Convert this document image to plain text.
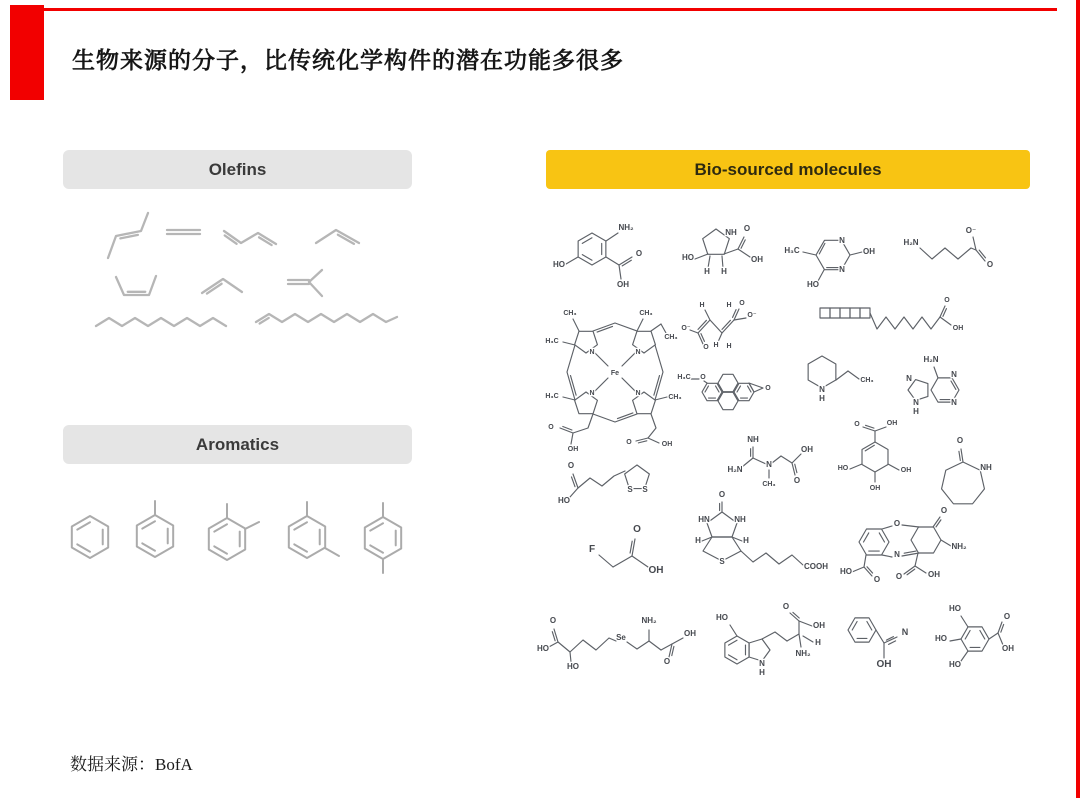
生物来源的分子，比传统化学构件的潜在功能多很多
Olefins
Aromatics
Bio-sourced molecules
NH₂
HO
O
OH
NH
HO
H H
O
OH
N
OH
N
HO
H₃C
H₂N
O⁻
O
N	N
N	N
Fe
CH₃	CH₃
CH₃
H₃C
H₃C	CH₃
O
OH
O	OH
H	H O
O⁻
O⁻
O H H
O
OH
H₃C O
O	N
H
CH₃
H₂N
N
N
N
N
H
O
HO
S S
NH
H₂N
N
CH₃ O
OH
O	OH
HO	OH
OH
O
NH
F
O
OH
O
HN	NH
H	H
S
COOH
O
N
O
NH₂
HO
O O	OH
O
HO
HO
Se
NH₂
O
OH
HO
N
H
O
OH
NH₂
H
OH
N
O
OH
HO
HO
HO
数据来源：BofA
